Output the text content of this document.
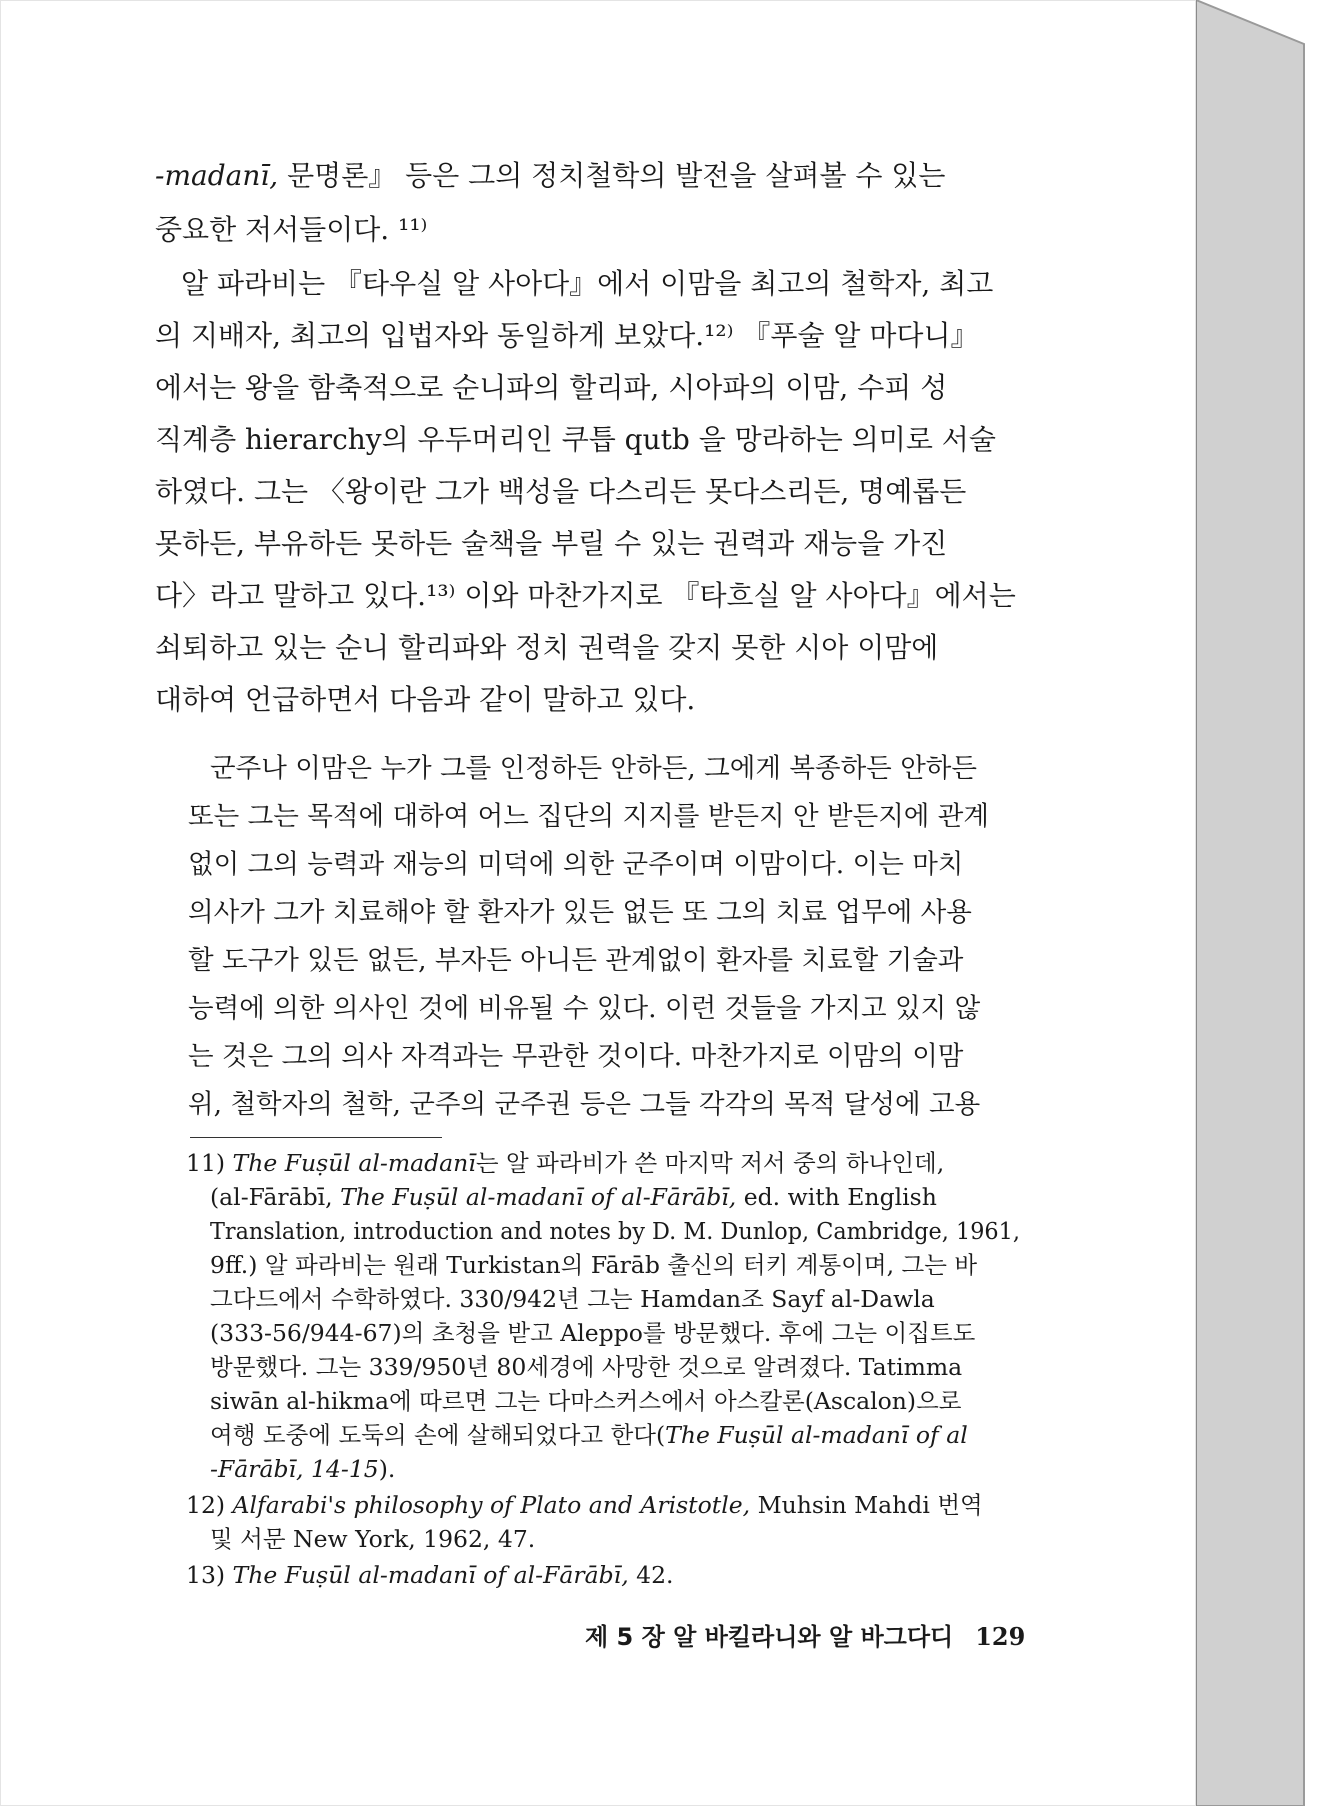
-madanī, 문명론』 등은 그의 정치철학의 발전을 살펴볼 수 있는

중요한 저서들이다. ¹¹⁾

알 파라비는 『타우실 알 사아다』에서 이맘을 최고의 철학자, 최고

의 지배자, 최고의 입법자와 동일하게 보았다.¹²⁾ 『푸술 알 마다니』

에서는 왕을 함축적으로 순니파의 할리파, 시아파의 이맘, 수피 성

직계층 hierarchy의 우두머리인 쿠틉 qutb 을 망라하는 의미로 서술

하였다. 그는 〈왕이란 그가 백성을 다스리든 못다스리든, 명예롭든

못하든, 부유하든 못하든 술책을 부릴 수 있는 권력과 재능을 가진

다〉라고 말하고 있다.¹³⁾ 이와 마찬가지로 『타흐실 알 사아다』에서는

쇠퇴하고 있는 순니 할리파와 정치 권력을 갖지 못한 시아 이맘에

대하여 언급하면서 다음과 같이 말하고 있다.

군주나 이맘은 누가 그를 인정하든 안하든, 그에게 복종하든 안하든

또는 그는 목적에 대하여 어느 집단의 지지를 받든지 안 받든지에 관계

없이 그의 능력과 재능의 미덕에 의한 군주이며 이맘이다. 이는 마치

의사가 그가 치료해야 할 환자가 있든 없든 또 그의 치료 업무에 사용

할 도구가 있든 없든, 부자든 아니든 관계없이 환자를 치료할 기술과

능력에 의한 의사인 것에 비유될 수 있다. 이런 것들을 가지고 있지 않

는 것은 그의 의사 자격과는 무관한 것이다. 마찬가지로 이맘의 이맘

위, 철학자의 철학, 군주의 군주권 등은 그들 각각의 목적 달성에 고용

11) The Fuṣūl al-madanī는 알 파라비가 쓴 마지막 저서 중의 하나인데,

(al-Fārābī, The Fuṣūl al-madanī of al-Fārābī, ed. with English

Translation, introduction and notes by D. M. Dunlop, Cambridge, 1961,

9ff.) 알 파라비는 원래 Turkistan의 Fārāb 출신의 터키 계통이며, 그는 바

그다드에서 수학하였다. 330/942년 그는 Hamdan조 Sayf al-Dawla

(333-56/944-67)의 초청을 받고 Aleppo를 방문했다. 후에 그는 이집트도

방문했다. 그는 339/950년 80세경에 사망한 것으로 알려졌다. Tatimma

siwān al-hikma에 따르면 그는 다마스커스에서 아스칼론(Ascalon)으로

여행 도중에 도둑의 손에 살해되었다고 한다(The Fuṣūl al-madanī of al

-Fārābī, 14-15).

12) Alfarabi's philosophy of Plato and Aristotle, Muhsin Mahdi 번역

및 서문 New York, 1962, 47.

13) The Fuṣūl al-madanī of al-Fārābī, 42.

제 5 장 알 바킬라니와 알 바그다디 129
